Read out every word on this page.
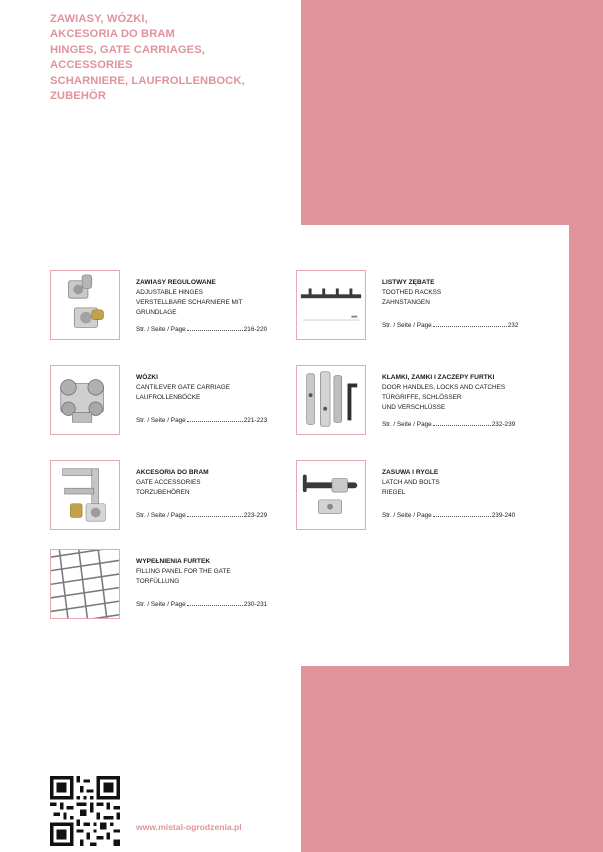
ZAWIASY, WÓZKI,
AKCESORIA DO BRAM
HINGES, GATE CARRIAGES,
ACCESSORIES
SCHARNIERE, LAUFROLLENBOCK,
ZUBEHÖR
ZAWIASY REGULOWANE
ADJUSTABLE HINGES
VERSTELLBARE SCHARNIERE MIT
GRUNDLAGE
Str. / Seite / Page	216-220
WÓZKI
CANTILEVER GATE CARRIAGE
LAUFROLLENBÖCKE
Str. / Seite / Page	221-223
AKCESORIA DO BRAM
GATE ACCESSORIES
TORZUBEHÖREN
Str. / Seite / Page	223-229
WYPEŁNIENIA FURTEK
FILLING PANEL FOR THE GATE
TORFÜLLUNG
Str. / Seite / Page	230-231
LISTWY ZĘBATE
TOOTHED RACKSS
ZAHNSTANGEN
Str. / Seite / Page	232
KLAMKI, ZAMKI I ZACZEPY FURTKI
DOOR HANDLES, LOCKS AND CATCHES
TÜRGRIFFE, SCHLÖSSER
UND VERSCHLÜSSE
Str. / Seite / Page	232-239
ZASUWA I RYGLE
LATCH AND BOLTS
RIEGEL
Str. / Seite / Page	239-240
www.mistal-ogrodzenia.pl
